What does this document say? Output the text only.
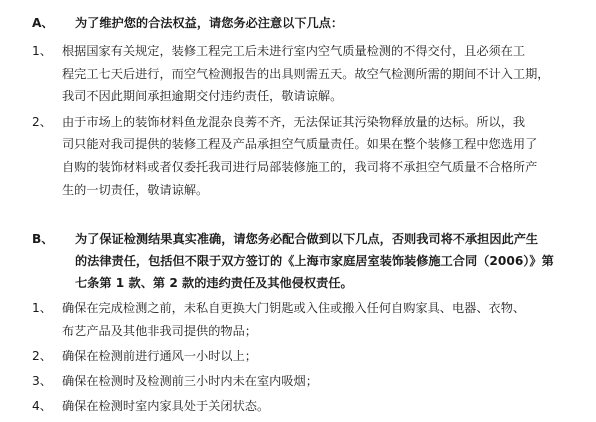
A、	为了维护您的合法权益，请您务必注意以下几点：
1、 根据国家有关规定，装修工程完工后未进行室内空气质量检测的不得交付，且必须在工
程完工七天后进行，而空气检测报告的出具则需五天。故空气检测所需的期间不计入工期，
我司不因此期间承担逾期交付违约责任，敬请谅解。
2、 由于市场上的装饰材料鱼龙混杂良莠不齐，无法保证其污染物释放量的达标。所以，我
司只能对我司提供的装修工程及产品承担空气质量责任。如果在整个装修工程中您选用了
自购的装饰材料或者仅委托我司进行局部装修施工的，我司将不承担空气质量不合格所产
生的一切责任，敬请谅解。
B、	为了保证检测结果真实准确，请您务必配合做到以下几点，否则我司将不承担因此产生
的法律责任，包括但不限于双方签订的《上海市家庭居室装饰装修施工合同（2006）》第
七条第 1 款、第 2 款的违约责任及其他侵权责任。
1、 确保在完成检测之前，未私自更换大门钥匙或入住或搬入任何自购家具、电器、衣物、
布艺产品及其他非我司提供的物品；
2、 确保在检测前进行通风一小时以上；
3、 确保在检测时及检测前三小时内未在室内吸烟；
4、 确保在检测时室内家具处于关闭状态。
